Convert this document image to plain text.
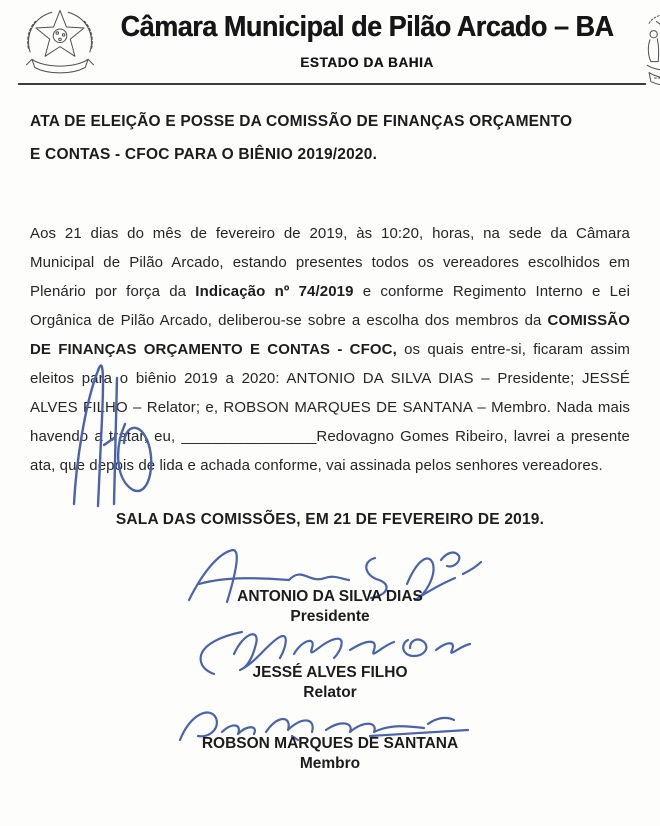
Câmara Municipal de Pilão Arcado – BA
ESTADO DA BAHIA
ATA DE ELEIÇÃO E POSSE DA COMISSÃO DE FINANÇAS ORÇAMENTO
E CONTAS - CFOC PARA O BIÊNIO 2019/2020.

Aos 21 dias do mês de fevereiro de 2019, às 10:20, horas, na sede da Câmara Municipal de Pilão Arcado, estando presentes todos os vereadores escolhidos em Plenário por força da Indicação nº 74/2019 e conforme Regimento Interno e Lei Orgânica de Pilão Arcado, deliberou-se sobre a escolha dos membros da COMISSÃO DE FINANÇAS ORÇAMENTO E CONTAS - CFOC, os quais entre-si, ficaram assim eleitos para o biênio 2019 a 2020: ANTONIO DA SILVA DIAS – Presidente; JESSÉ ALVES FILHO – Relator; e, ROBSON MARQUES DE SANTANA – Membro. Nada mais havendo a tratar, eu, ________________Redovagno Gomes Ribeiro, lavrei a presente ata, que depois de lida e achada conforme, vai assinada pelos senhores vereadores.

SALA DAS COMISSÕES, EM 21 DE FEVEREIRO DE 2019.
ANTONIO DA SILVA DIAS
Presidente
JESSÉ ALVES FILHO
Relator
ROBSON MARQUES DE SANTANA
Membro
